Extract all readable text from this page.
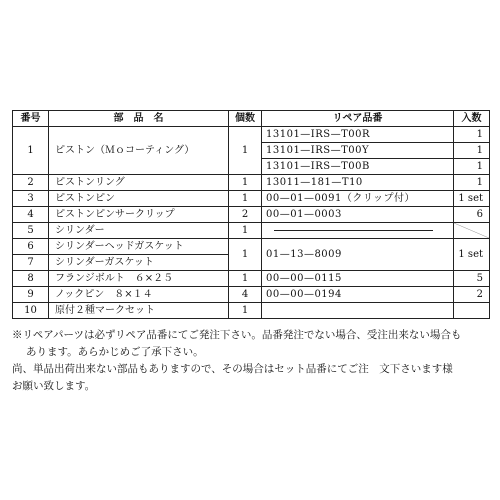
番号	部　品　名	個数	リペア品番	入数
1	ピストン（Ｍｏコーティング）	1	13101—IRS—T00R	1
			13101—IRS—T00Y	1
			13101—IRS—T00B	1
2	ピストンリング	1	13011—181—T10	1
3	ピストンピン	1	00—01—0091（クリップ付）	1 set
4	ピストンピンサークリップ	2	00—01—0003	6
5	シリンダー	1	

6	シリンダーヘッドガスケット	1	01—13—8009	1 set
7	シリンダーガスケット			
8	フランジボルト　６×２５	1	00—00—0115	5
9	ノックピン　８×１４	4	00—00—0194	2
10	原付２種マークセット	1		

※リペアパーツは必ずリペア品番にてご発注下さい。品番発注でない場合、受注出来ない場合も

あります。あらかじめご了承下さい。

尚、単品出荷出来ない部品もありますので、その場合はセット品番にてご注　文下さいます様

お願い致します。
